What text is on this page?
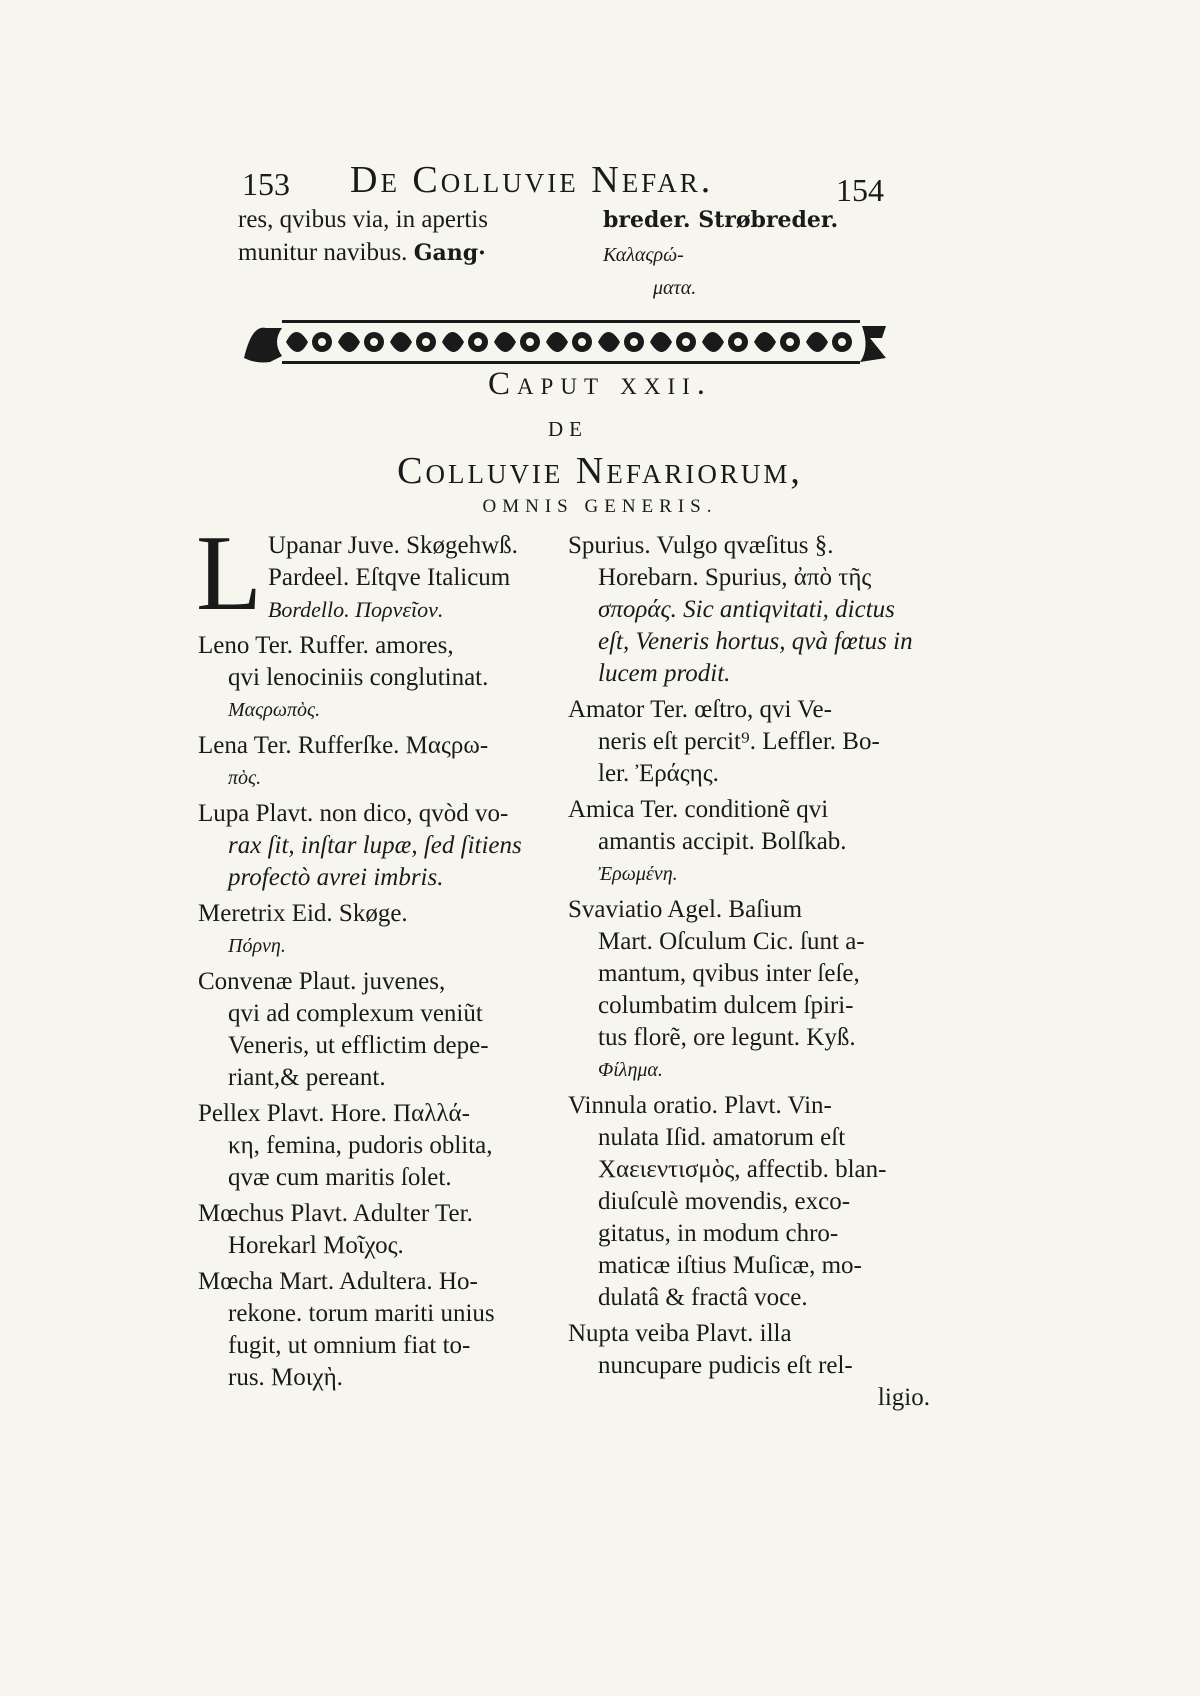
153 De Colluvie Nefar.	154
res, qvibus via, in apertis
munitur navibus. Gang·
breder. Strøbreder. Καλαςρώ-
ματα.
Caput xxii.
DE
Colluvie Nefariorum,
OMNIS GENERIS.
L Upanar Juve. Skøgehwß.
Pardeel. Eſtqve Italicum
Bordello. Πορνεῖον.
Leno Ter. Ruffer. amores,
qvi lenociniis conglutinat.
Μαςρωπὸς.
Lena Ter. Rufferſke. Μαςρω-
πὸς.
Lupa Plavt. non dico, qvòd vo-
rax ſit, inſtar lupæ, ſed ſitiens
profectò avrei imbris.
Meretrix Eid. Skøge.
Πόρνη.
Convenæ Plaut. juvenes,
qvi ad complexum veniũt
Veneris, ut efflictim depe-
riant,& pereant.
Pellex Plavt. Hore. Παλλά-
κη, femina, pudoris oblita,
qvæ cum maritis ſolet.
Mœchus Plavt. Adulter Ter.
Horekarl Μοῖχος.
Mœcha Mart. Adultera. Ho-
rekone. torum mariti unius
fugit, ut omnium fiat to-
rus. Μοιχὴ.
Spurius. Vulgo qvæſitus §.
Horebarn. Spurius, ἀπὸ τῆς
σποράς. Sic antiqvitati, dictus
eſt, Veneris hortus, qvà fœtus in
lucem prodit.
Amator Ter. œſtro, qvi Ve-
neris eſt percit⁹. Leffler. Bo-
ler. Ἐράςης.
Amica Ter. conditionẽ qvi
amantis accipit. Bolſkab.
Ἐρωμένη.
Svaviatio Agel. Baſium
Mart. Oſculum Cic. ſunt a-
mantum, qvibus inter ſeſe,
columbatim dulcem ſpiri-
tus florẽ, ore legunt. Kyß.
Φίλημα.
Vinnula oratio. Plavt. Vin-
nulata Iſid. amatorum eſt
Χαειεντισμὸς, affectib. blan-
diuſculè movendis, exco-
gitatus, in modum chro-
maticæ iſtius Muſicæ, mo-
dulatâ & fractâ voce.
Nupta veiba Plavt. illa
nuncupare pudicis eſt rel-
ligio.
